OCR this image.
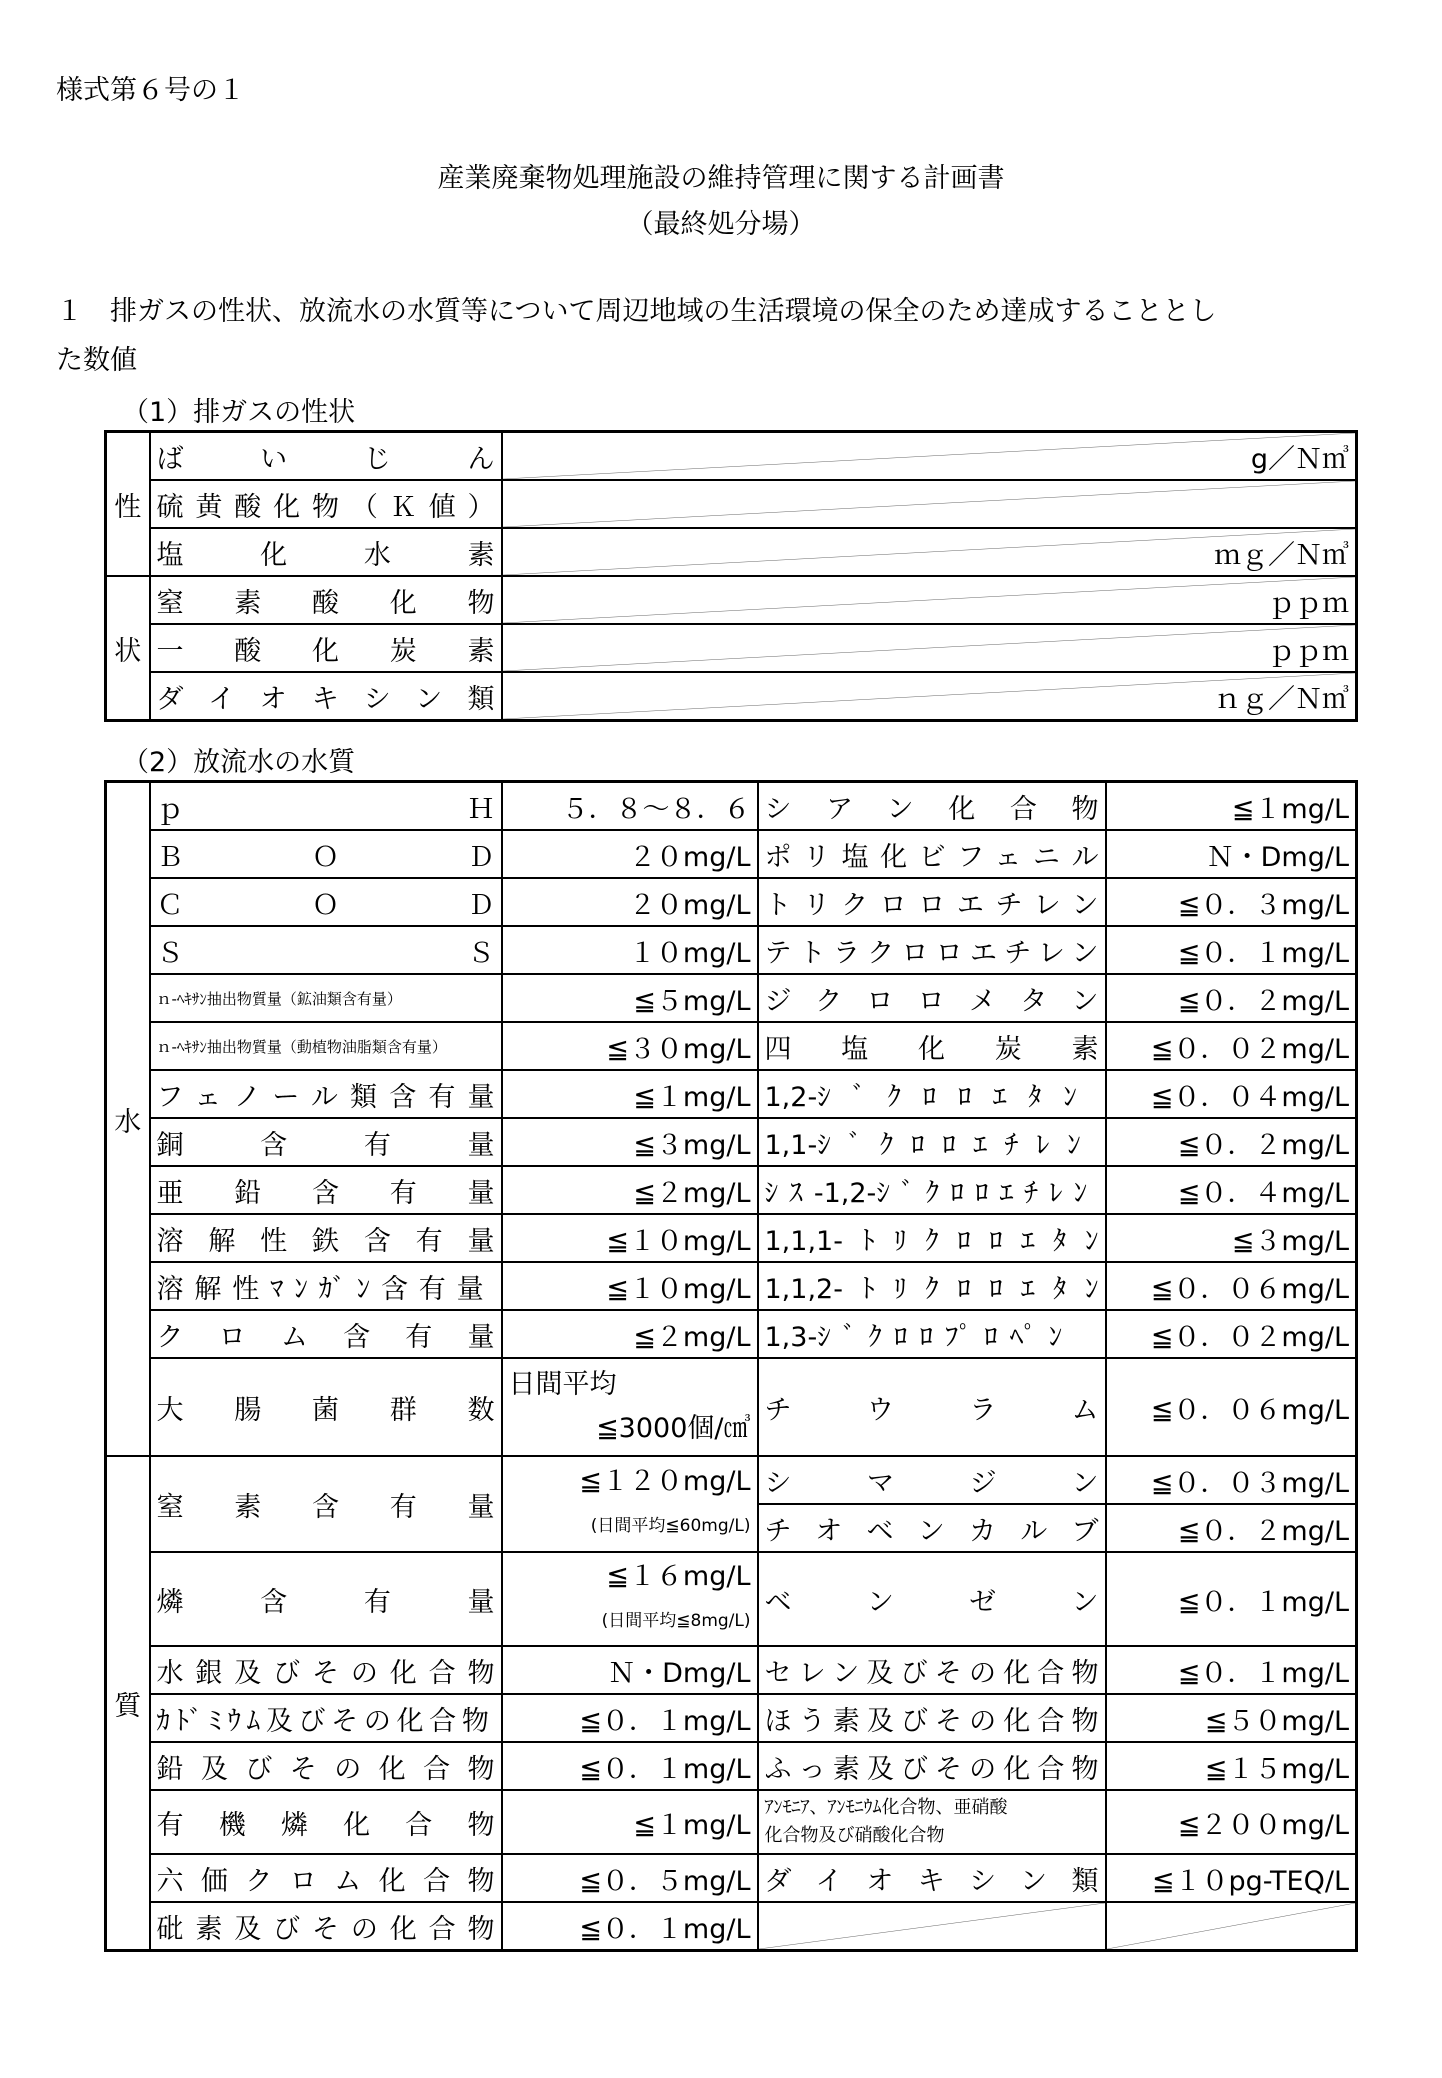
様式第６号の１
産業廃棄物処理施設の維持管理に関する計画書
（最終処分場）
１　排ガスの性状、放流水の水質等について周辺地域の生活環境の保全のため達成することとし
た数値
（1）排ガスの性状
性	ばいじん	g／Ｎ㎥

	硫黄酸化物（Ｋ値）	

	塩化水素	ｍｇ／Ｎ㎥

状	窒素酸化物	ｐｐｍ

	一酸化炭素	ｐｐｍ

	ダイオキシン類	ｎｇ／Ｎ㎥
（2）放流水の水質
水	ｐ　　　　　　　Ｈ	５．８～８．６	シアン化合物	≦１mg/L
	Ｂ　　　　Ｏ　　　　Ｄ	２０mg/L	ポリ塩化ビフェニル	Ｎ・Dmg/L
	Ｃ　　　　Ｏ　　　　Ｄ	２０mg/L	トリクロロエチレン	≦０．３mg/L
	Ｓ　　　　　　　　Ｓ	１０mg/L	テトラクロロエチレン	≦０．１mg/L
	ｎ-ﾍｷｻﾝ抽出物質量（鉱油類含有量）	≦５mg/L	ジクロロメタン	≦０．２mg/L
	ｎ-ﾍｷｻﾝ抽出物質量（動植物油脂類含有量）	≦３０mg/L	四塩化炭素	≦０．０２mg/L
	フェノール類含有量	≦１mg/L	1,2-ｼﾞｸﾛﾛｴﾀﾝ	≦０．０４mg/L
	銅含有量	≦３mg/L	1,1-ｼﾞｸﾛﾛｴﾁﾚﾝ	≦０．２mg/L
	亜鉛含有量	≦２mg/L	ｼｽ-1,2-ｼﾞｸﾛﾛｴﾁﾚﾝ	≦０．４mg/L
	溶解性鉄含有量	≦１０mg/L	1,1,1-ﾄﾘｸﾛﾛｴﾀﾝ	≦３mg/L
	溶解性ﾏﾝｶﾞﾝ含有量	≦１０mg/L	1,1,2-ﾄﾘｸﾛﾛｴﾀﾝ	≦０．０６mg/L
	クロム含有量	≦２mg/L	1,3-ｼﾞｸﾛﾛﾌﾟﾛﾍﾟﾝ	≦０．０２mg/L
	大腸菌群数	日間平均
≦3000個/㎤	チウラム	≦０．０６mg/L
質	窒素含有量	≦１２０mg/L
(日間平均≦60mg/L)	シマジン	≦０．０３mg/L
			チオベンカルブ	≦０．２mg/L
	燐含有量	≦１６mg/L
(日間平均≦8mg/L)	ベンゼン	≦０．１mg/L
	水銀及びその化合物	Ｎ・Dmg/L	セレン及びその化合物	≦０．１mg/L
	ｶﾄﾞﾐｳﾑ及びその化合物	≦０．１mg/L	ほう素及びその化合物	≦５０mg/L
	鉛及びその化合物	≦０．１mg/L	ふっ素及びその化合物	≦１５mg/L
	有機燐化合物	≦１mg/L	ｱﾝﾓﾆｱ、ｱﾝﾓﾆｳﾑ化合物、亜硝酸
化合物及び硝酸化合物	≦２００mg/L
	六価クロム化合物	≦０．５mg/L	ダイオキシン類	≦１０pg-TEQ/L
	砒素及びその化合物	≦０．１mg/L	
